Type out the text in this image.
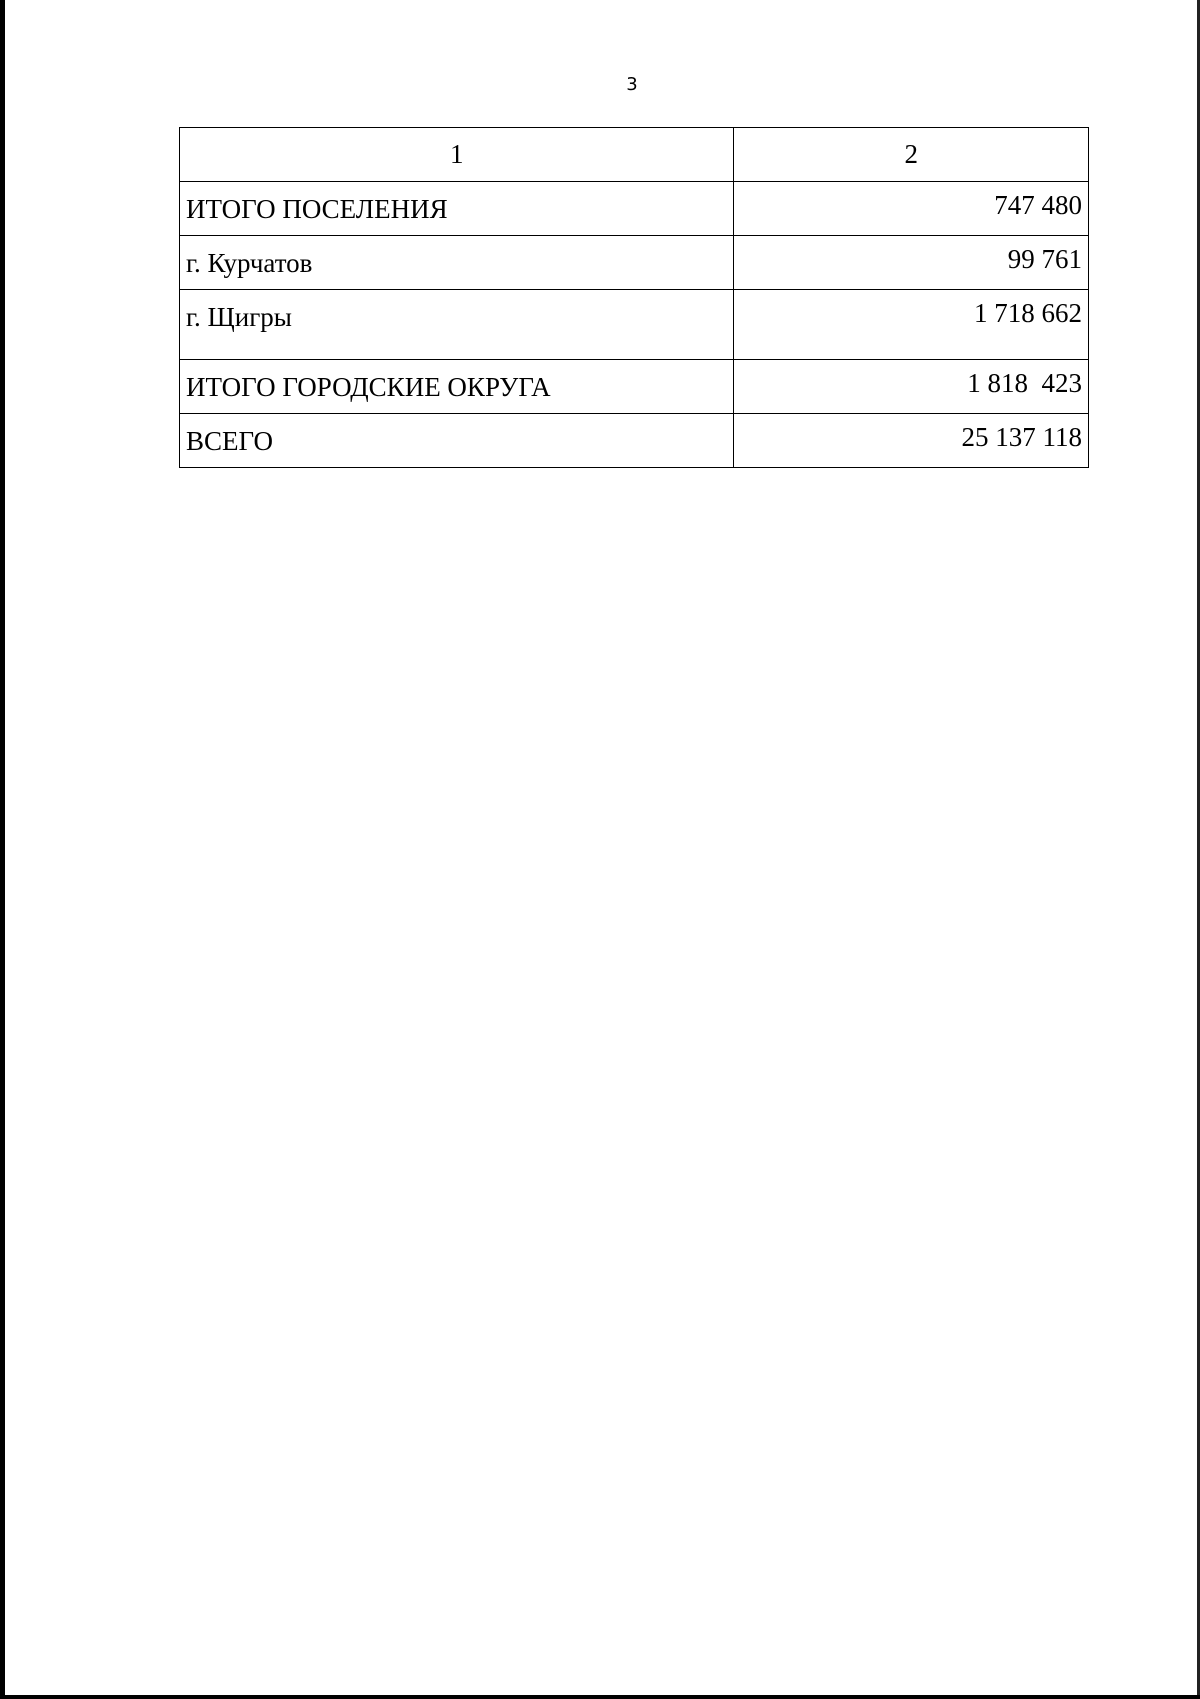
3
1	2

ИТОГО ПОСЕЛЕНИЯ	747 480

г. Курчатов	99 761

г. Щигры	1 718 662

ИТОГО ГОРОДСКИЕ ОКРУГА	1 818  423

ВСЕГО	25 137 118
